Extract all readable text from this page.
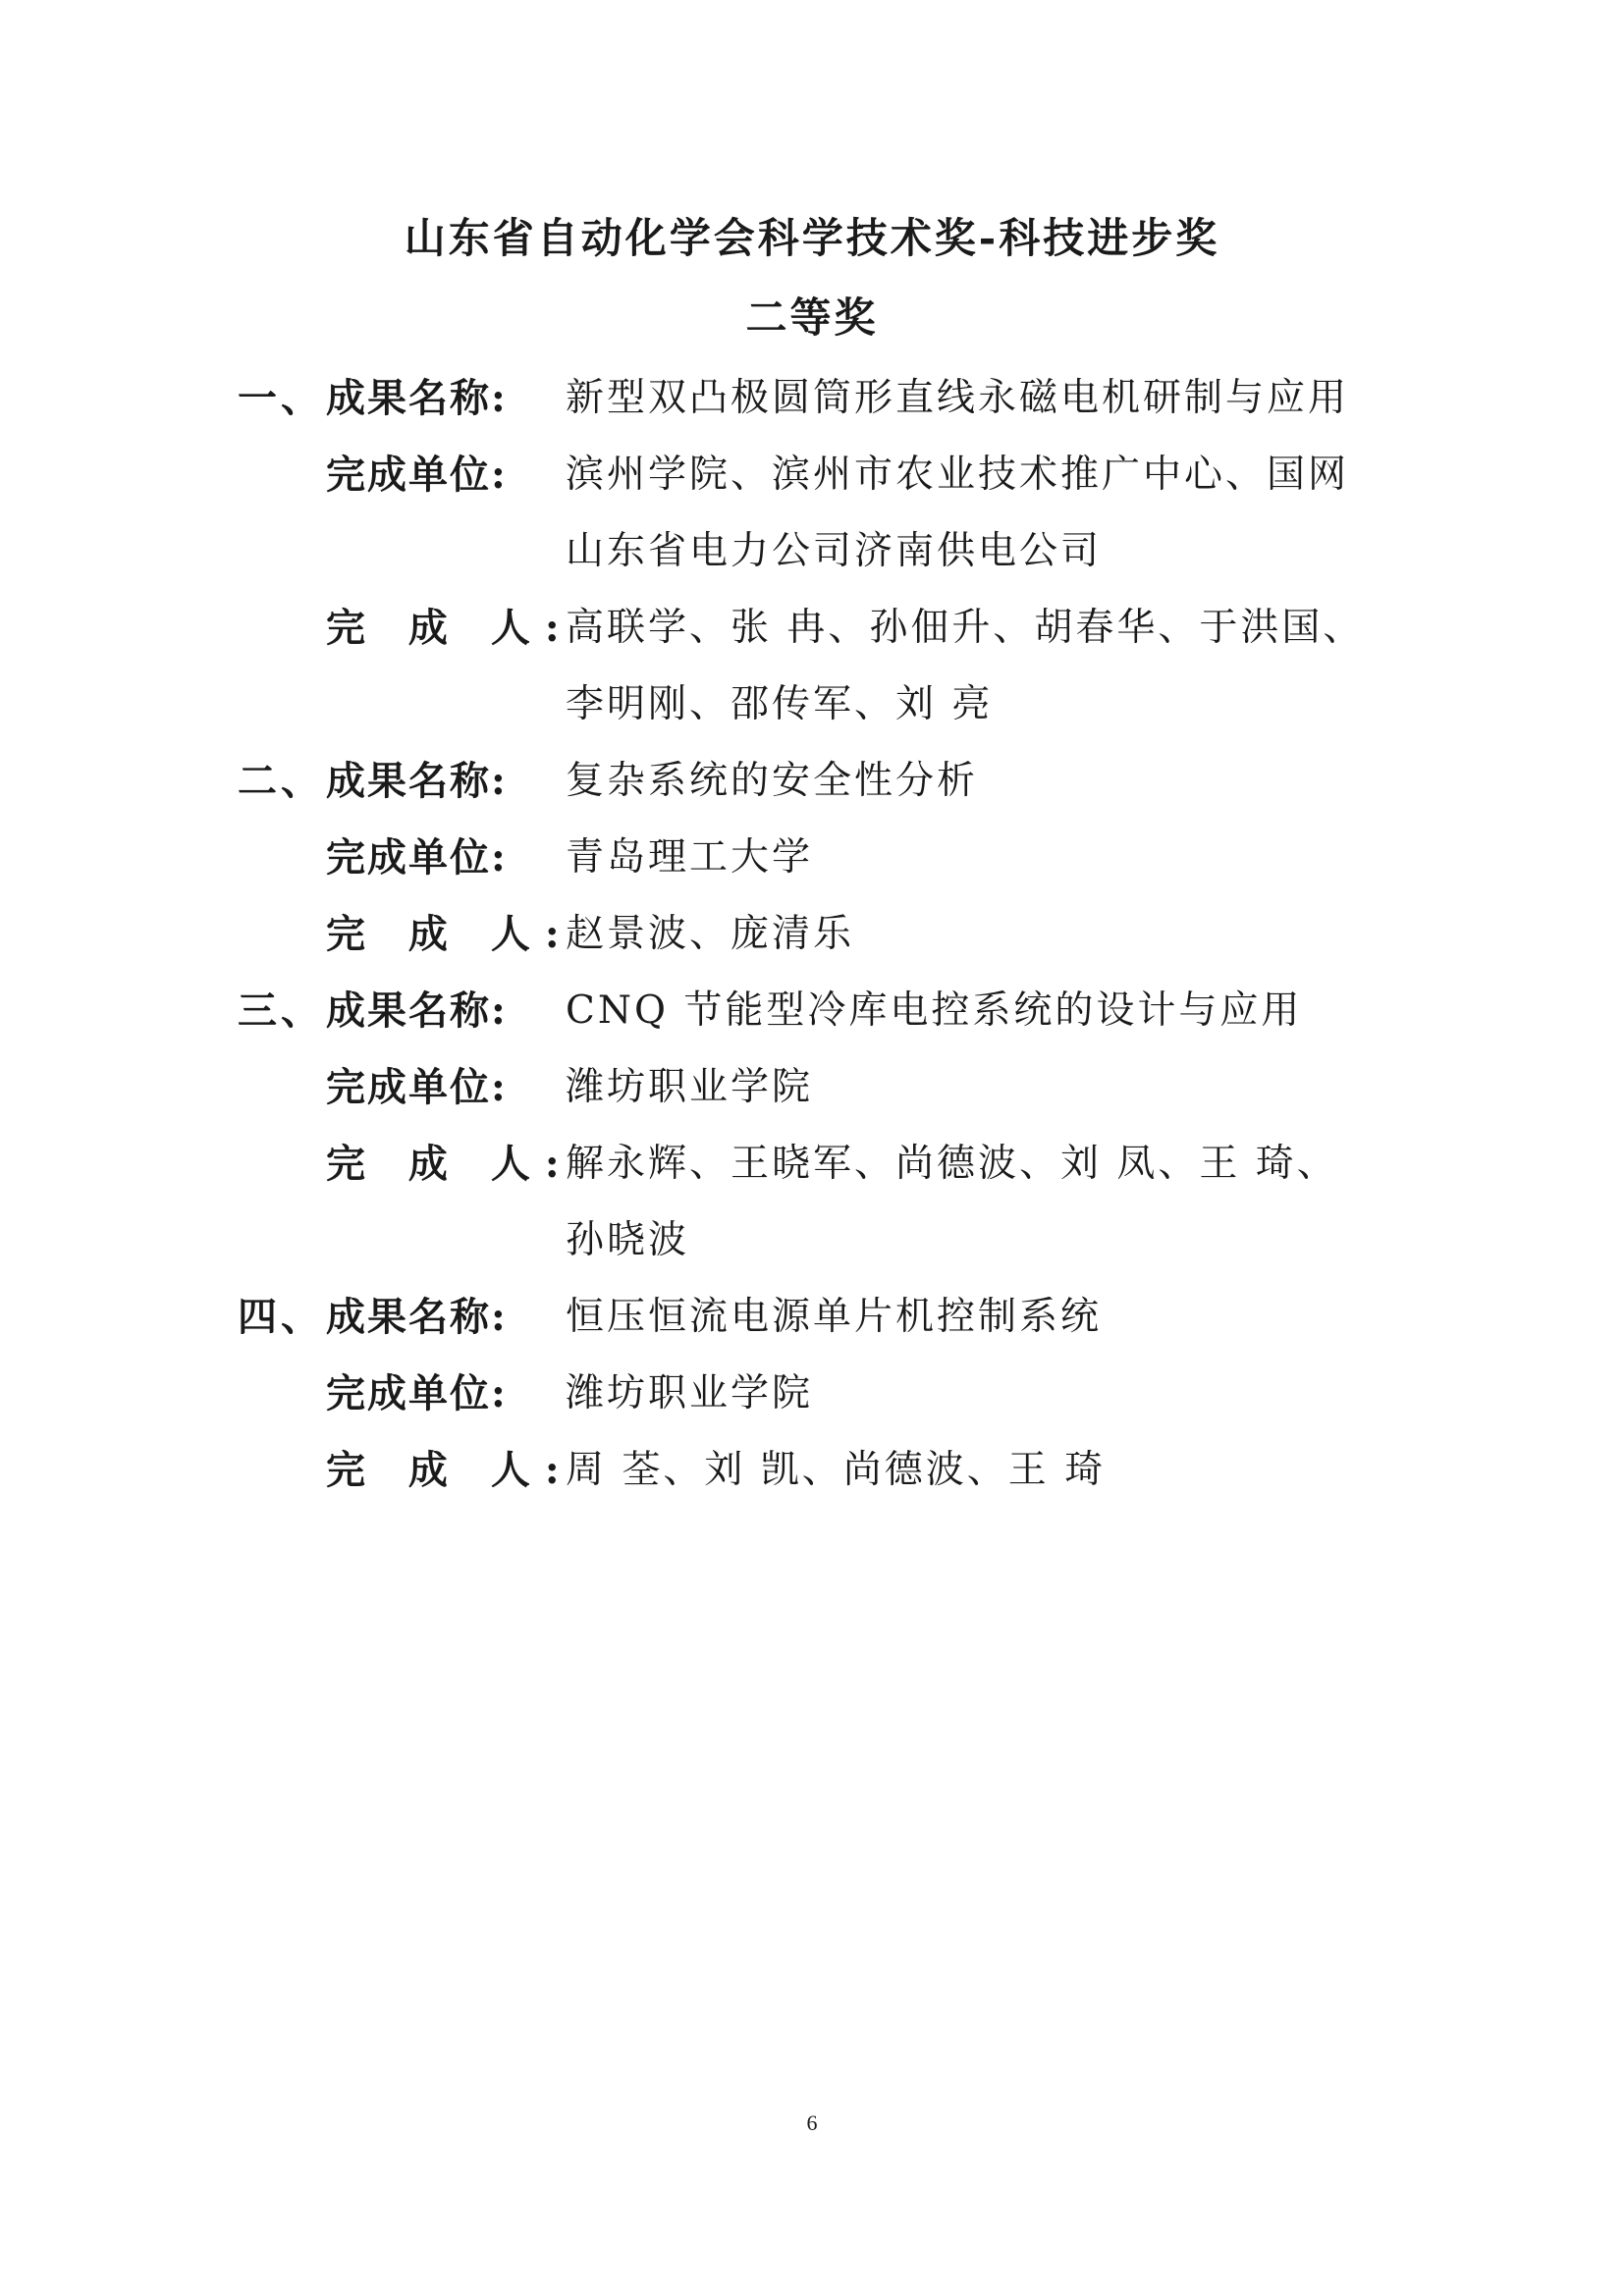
山东省自动化学会科学技术奖-科技进步奖
二等奖
一、 成果名称: 新型双凸极圆筒形直线永磁电机研制与应用
完成单位: 滨州学院、滨州市农业技术推广中心、国网
山东省电力公司济南供电公司
完 成 人:
高联学、张 冉、孙佃升、胡春华、于洪国、
李明刚、邵传军、刘 亮
二、 成果名称: 复杂系统的安全性分析
完成单位: 青岛理工大学
完 成 人:
赵景波、庞清乐
三、 成果名称: CNQ 节能型冷库电控系统的设计与应用
完成单位: 潍坊职业学院
完 成 人:
解永辉、王晓军、尚德波、刘 凤、王 琦、
孙晓波
四、 成果名称: 恒压恒流电源单片机控制系统
完成单位: 潍坊职业学院
完 成 人:
周 荃、刘 凯、尚德波、王 琦
6
